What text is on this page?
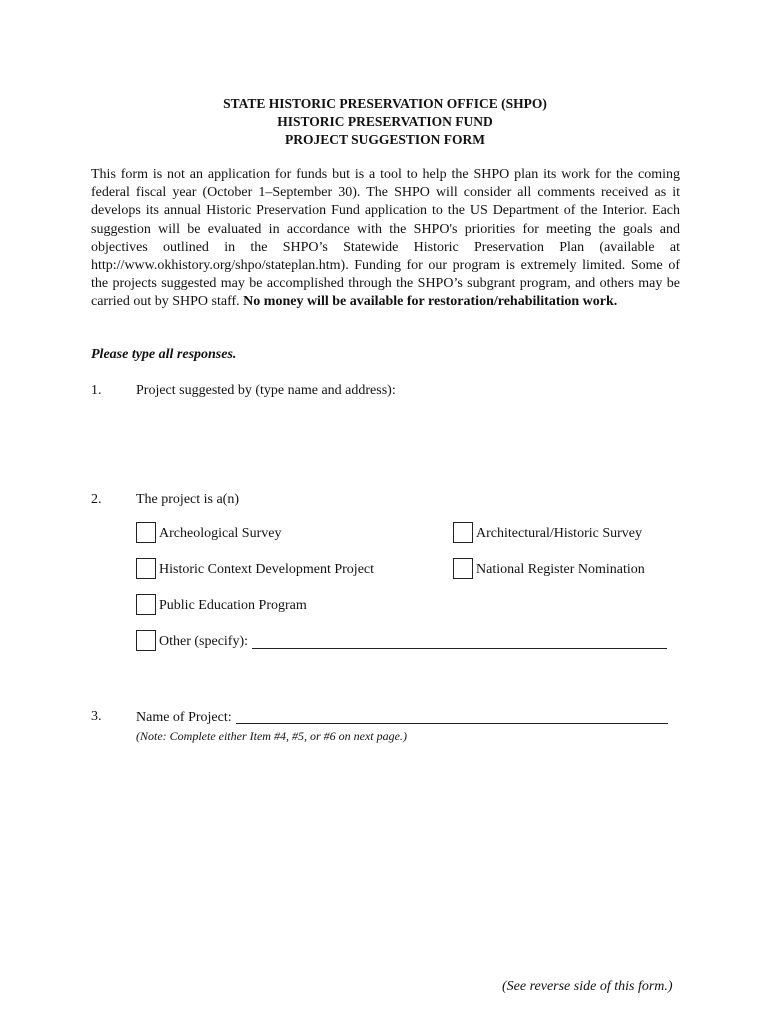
STATE HISTORIC PRESERVATION OFFICE (SHPO)
HISTORIC PRESERVATION FUND
PROJECT SUGGESTION FORM
This form is not an application for funds but is a tool to help the SHPO plan its work for the coming federal fiscal year (October 1–September 30). The SHPO will consider all comments received as it develops its annual Historic Preservation Fund application to the US Department of the Interior. Each suggestion will be evaluated in accordance with the SHPO's priorities for meeting the goals and objectives outlined in the SHPO’s Statewide Historic Preservation Plan (available at http://www.okhistory.org/shpo/stateplan.htm). Funding for our program is extremely limited. Some of the projects suggested may be accomplished through the SHPO’s subgrant program, and others may be carried out by SHPO staff. No money will be available for restoration/rehabilitation work.
Please type all responses.
1. Project suggested by (type name and address):
2. The project is a(n)
Archeological Survey	Architectural/Historic Survey
Historic Context Development Project	National Register Nomination
Public Education Program
Other (specify):
3. Name of Project:
(Note: Complete either Item #4, #5, or #6 on next page.)
(See reverse side of this form.)
